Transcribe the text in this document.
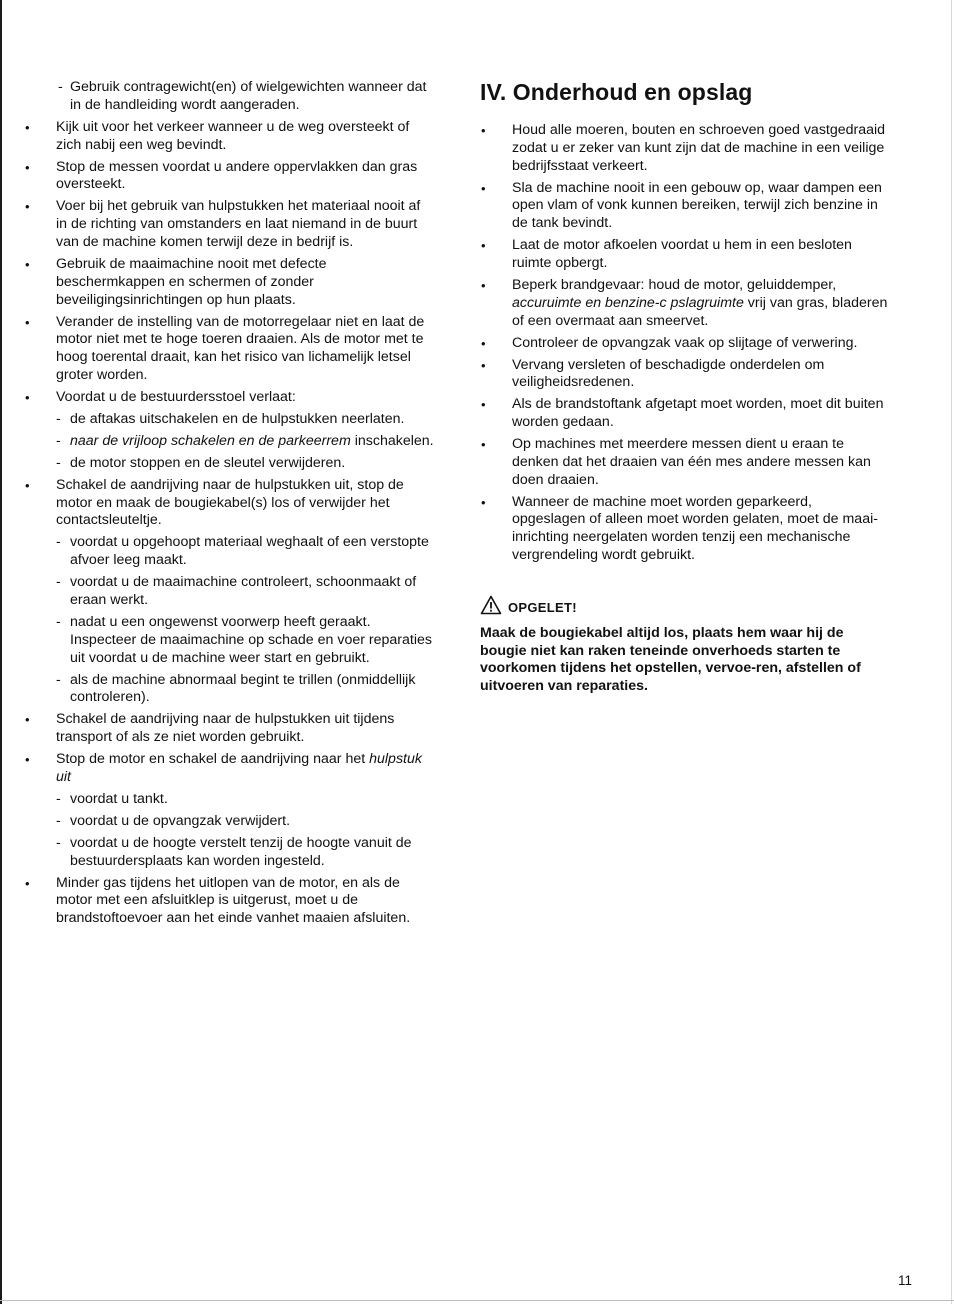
- Gebruik contragewicht(en) of wielgewichten wanneer dat in de handleiding wordt aangeraden.
• Kijk uit voor het verkeer wanneer u de weg oversteekt of zich nabij een weg bevindt.
• Stop de messen voordat u andere oppervlakken dan gras oversteekt.
• Voer bij het gebruik van hulpstukken het materiaal nooit af in de richting van omstanders en laat niemand in de buurt van de machine komen terwijl deze in bedrijf is.
• Gebruik de maaimachine nooit met defecte beschermkappen en schermen of zonder beveiligingsinrichtingen op hun plaats.
• Verander de instelling van de motorregelaar niet en laat de motor niet met te hoge toeren draaien. Als de motor met te hoog toerental draait, kan het risico van lichamelijk letsel groter worden.
• Voordat u de bestuurdersstoel verlaat:
- de aftakas uitschakelen en de hulpstukken neerlaten.
- naar de vrijloop schakelen en de parkeerrem inschakelen.
- de motor stoppen en de sleutel verwijderen.
• Schakel de aandrijving naar de hulpstukken uit, stop de motor en maak de bougiekabel(s) los of verwijder het contactsleuteltje.
- voordat u opgehoopt materiaal weghaalt of een verstopte afvoer leeg maakt.
- voordat u de maaimachine controleert, schoonmaakt of eraan werkt.
- nadat u een ongewenst voorwerp heeft geraakt. Inspecteer de maaimachine op schade en voer reparaties uit voordat u de machine weer start en gebruikt.
- als de machine abnormaal begint te trillen (onmiddellijk controleren).
• Schakel de aandrijving naar de hulpstukken uit tijdens transport of als ze niet worden gebruikt.
• Stop de motor en schakel de aandrijving naar het hulpstuk uit
- voordat u tankt.
- voordat u de opvangzak verwijdert.
- voordat u de hoogte verstelt tenzij de hoogte vanuit de bestuurdersplaats kan worden ingesteld.
• Minder gas tijdens het uitlopen van de motor, en als de motor met een afsluitklep is uitgerust, moet u de brandstoftoevoer aan het einde vanhet maaien afsluiten.
IV. Onderhoud en opslag
• Houd alle moeren, bouten en schroeven goed vastgedraaid zodat u er zeker van kunt zijn dat de machine in een veilige bedrijfsstaat verkeert.
• Sla de machine nooit in een gebouw op, waar dampen een open vlam of vonk kunnen bereiken, terwijl zich benzine in de tank bevindt.
• Laat de motor afkoelen voordat u hem in een besloten ruimte opbergt.
• Beperk brandgevaar: houd de motor, geluiddemper, accuruimte en benzine-c pslagruimte vrij van gras, bladeren of een overmaat aan smeervet.
• Controleer de opvangzak vaak op slijtage of verwering.
• Vervang versleten of beschadigde onderdelen om veiligheidsredenen.
• Als de brandstoftank afgetapt moet worden, moet dit buiten worden gedaan.
• Op machines met meerdere messen dient u eraan te denken dat het draaien van één mes andere messen kan doen draaien.
• Wanneer de machine moet worden geparkeerd, opgeslagen of alleen moet worden gelaten, moet de maai-inrichting neergelaten worden tenzij een mechanische vergrendeling wordt gebruikt.
OPGELET!
Maak de bougiekabel altijd los, plaats hem waar hij de bougie niet kan raken teneinde onverhoeds starten te voorkomen tijdens het opstellen, vervoe-ren, afstellen of uitvoeren van reparaties.
11
